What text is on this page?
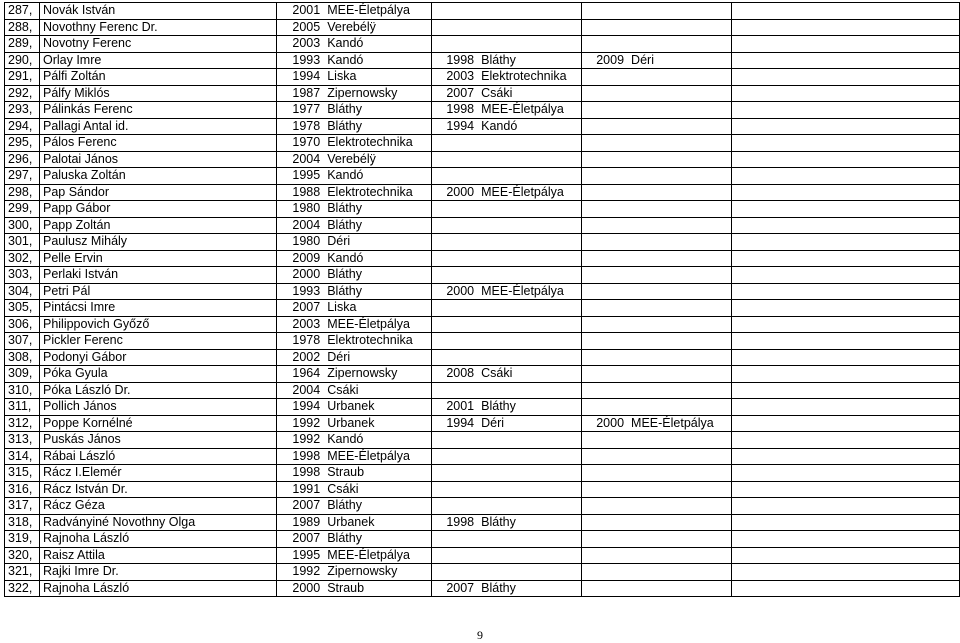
287,	Novák István	2001	MEE-Életpálya						
288,	Novothny Ferenc Dr.	2005	Verebélÿ						
289,	Novotny Ferenc	2003	Kandó						
290,	Orlay Imre	1993	Kandó	1998	Bláthy	2009	Déri		
291,	Pálfi Zoltán	1994	Liska	2003	Elektrotechnika				
292,	Pálfy Miklós	1987	Zipernowsky	2007	Csáki				
293,	Pálinkás Ferenc	1977	Bláthy	1998	MEE-Életpálya				
294,	Pallagi Antal id.	1978	Bláthy	1994	Kandó				
295,	Pálos Ferenc	1970	Elektrotechnika						
296,	Palotai János	2004	Verebélÿ						
297,	Paluska Zoltán	1995	Kandó						
298,	Pap Sándor	1988	Elektrotechnika	2000	MEE-Életpálya				
299,	Papp Gábor	1980	Bláthy						
300,	Papp Zoltán	2004	Bláthy						
301,	Paulusz Mihály	1980	Déri						
302,	Pelle Ervin	2009	Kandó						
303,	Perlaki István	2000	Bláthy						
304,	Petri Pál	1993	Bláthy	2000	MEE-Életpálya				
305,	Pintácsi Imre	2007	Liska						
306,	Philippovich Győző	2003	MEE-Életpálya						
307,	Pickler Ferenc	1978	Elektrotechnika						
308,	Podonyi Gábor	2002	Déri						
309,	Póka Gyula	1964	Zipernowsky	2008	Csáki				
310,	Póka László Dr.	2004	Csáki						
311,	Pollich János	1994	Urbanek	2001	Bláthy				
312,	Poppe Kornélné	1992	Urbanek	1994	Déri	2000	MEE-Életpálya		
313,	Puskás János	1992	Kandó						
314,	Rábai László	1998	MEE-Életpálya						
315,	Rácz I.Elemér	1998	Straub						
316,	Rácz István Dr.	1991	Csáki						
317,	Rácz Géza	2007	Bláthy						
318,	Radványiné Novothny Olga	1989	Urbanek	1998	Bláthy				
319,	Rajnoha László	2007	Bláthy						
320,	Raisz Attila	1995	MEE-Életpálya						
321,	Rajki Imre Dr.	1992	Zipernowsky						
322,	Rajnoha László	2000	Straub	2007	Bláthy				
9
